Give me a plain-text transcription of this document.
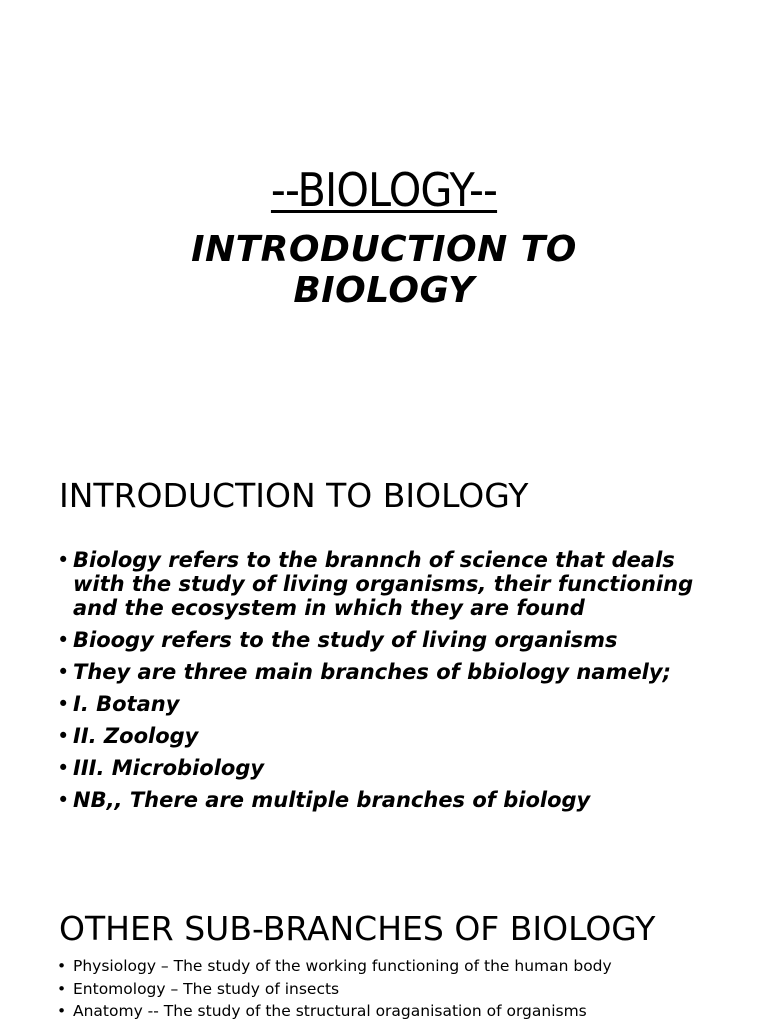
--BIOLOGY--
INTRODUCTION TO BIOLOGY
INTRODUCTION TO BIOLOGY
• Biology refers to the brannch of science that deals with the study of living organisms, their functioning and the ecosystem in which they are found
• Bioogy refers to the study of living organisms
• They are three main branches of bbiology namely;
• I. Botany
• II. Zoology
• III. Microbiology
• NB,, There are multiple branches of biology
OTHER SUB-BRANCHES OF BIOLOGY
• Physiology – The study of the working functioning of the human body
• Entomology – The study of insects
• Anatomy -- The study of the structural oraganisation of organisms
